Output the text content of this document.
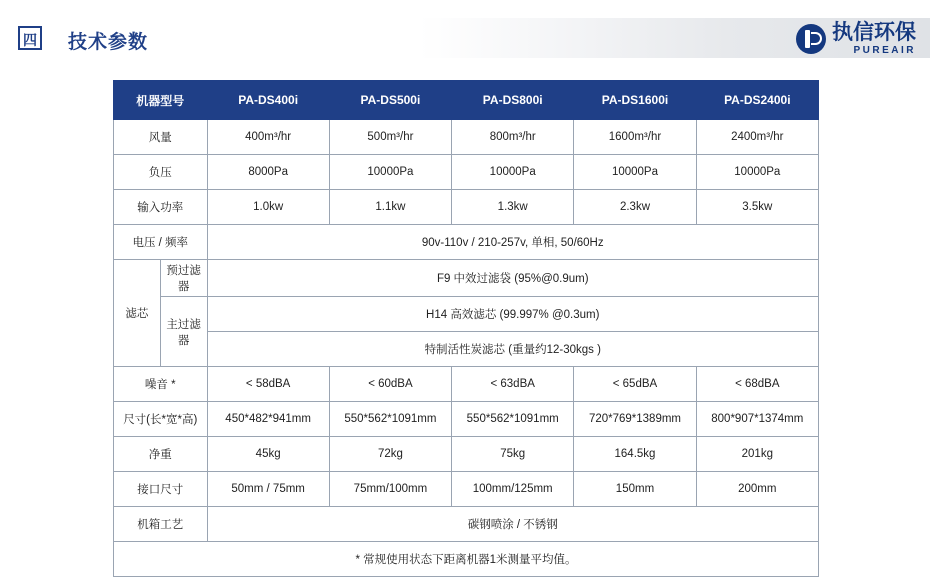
四 技术参数	执信环保
PUREAIR
机器型号		PA-DS400i	PA-DS500i	PA-DS800i	PA-DS1600i	PA-DS2400i
风量		400m³/hr	500m³/hr	800m³/hr	1600m³/hr	2400m³/hr
负压		8000Pa	10000Pa	10000Pa	10000Pa	10000Pa
输入功率		1.0kw	1.1kw	1.3kw	2.3kw	3.5kw
电压 / 频率		90v-110v / 210-257v, 单相, 50/60Hz				
滤芯	预过滤器	F9 中效过滤袋 (95%@0.9um)				
	主过滤器	H14 高效滤芯 (99.997% @0.3um)				
		特制活性炭滤芯 (重量约12-30kgs )				
噪音 *		< 58dBA	< 60dBA	< 63dBA	< 65dBA	< 68dBA
尺寸(长*宽*高)		450*482*941mm	550*562*1091mm	550*562*1091mm	720*769*1389mm	800*907*1374mm
净重		45kg	72kg	75kg	164.5kg	201kg
接口尺寸		50mm / 75mm	75mm/100mm	100mm/125mm	150mm	200mm
机箱工艺		碳钢喷涂 / 不锈钢				
* 常规使用状态下距离机器1米测量平均值。						
